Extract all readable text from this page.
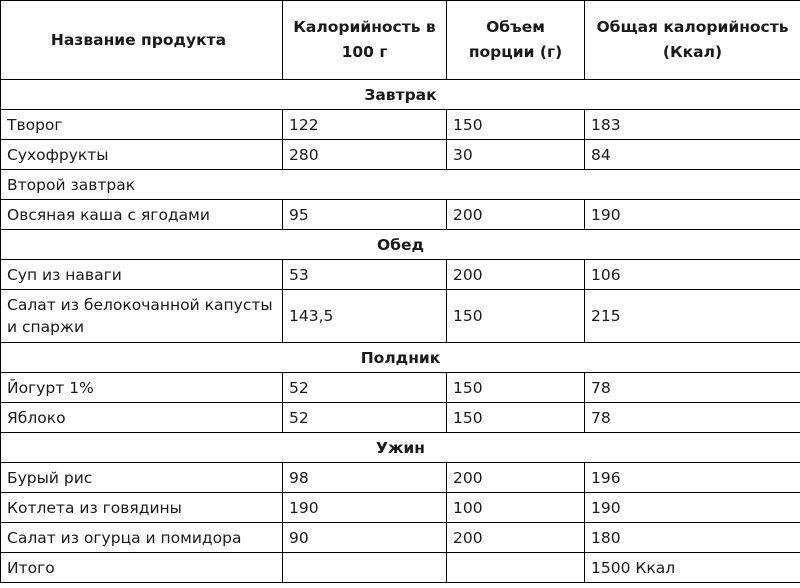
Название продукта	Калорийность в 100 г	Объем порции (г)	Общая калорийность (Ккал)
Завтрак			
Творог	122	150	183
Сухофрукты	280	30	84
Второй завтрак			
Овсяная каша с ягодами	95	200	190
Обед			
Суп из наваги	53	200	106
Салат из белокочанной капусты и спаржи	143,5	150	215
Полдник			
Йогурт 1%	52	150	78
Яблоко	52	150	78
Ужин			
Бурый рис	98	200	196
Котлета из говядины	190	100	190
Салат из огурца и помидора	90	200	180
Итого			1500 Ккал
